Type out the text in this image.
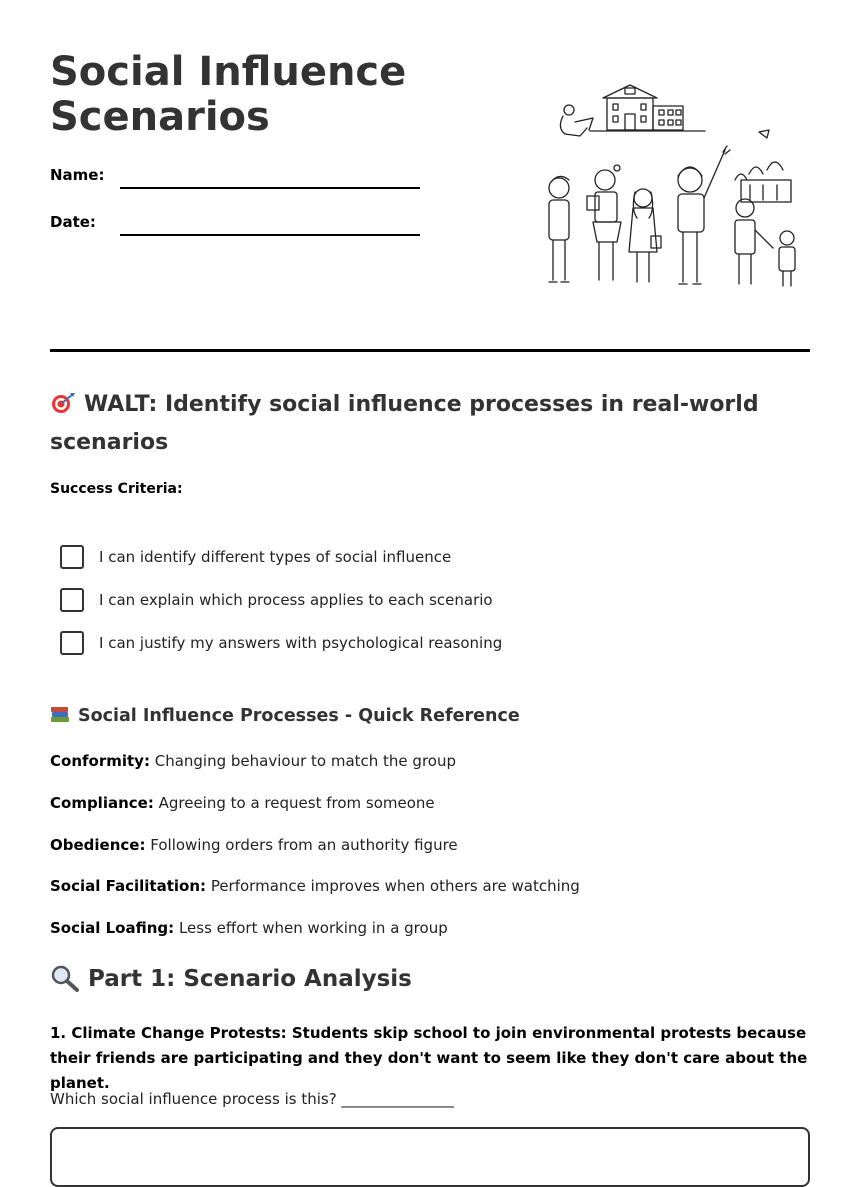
Social Influence Scenarios
Name:
Date:
WALT: Identify social influence processes in real-world scenarios
Success Criteria:
I can identify different types of social influence
I can explain which process applies to each scenario
I can justify my answers with psychological reasoning
Social Influence Processes - Quick Reference
Conformity: Changing behaviour to match the group
Compliance: Agreeing to a request from someone
Obedience: Following orders from an authority figure
Social Facilitation: Performance improves when others are watching
Social Loafing: Less effort when working in a group
Part 1: Scenario Analysis
1. Climate Change Protests: Students skip school to join environmental protests because their friends are participating and they don't want to seem like they don't care about the planet.
Which social influence process is this? _______________
